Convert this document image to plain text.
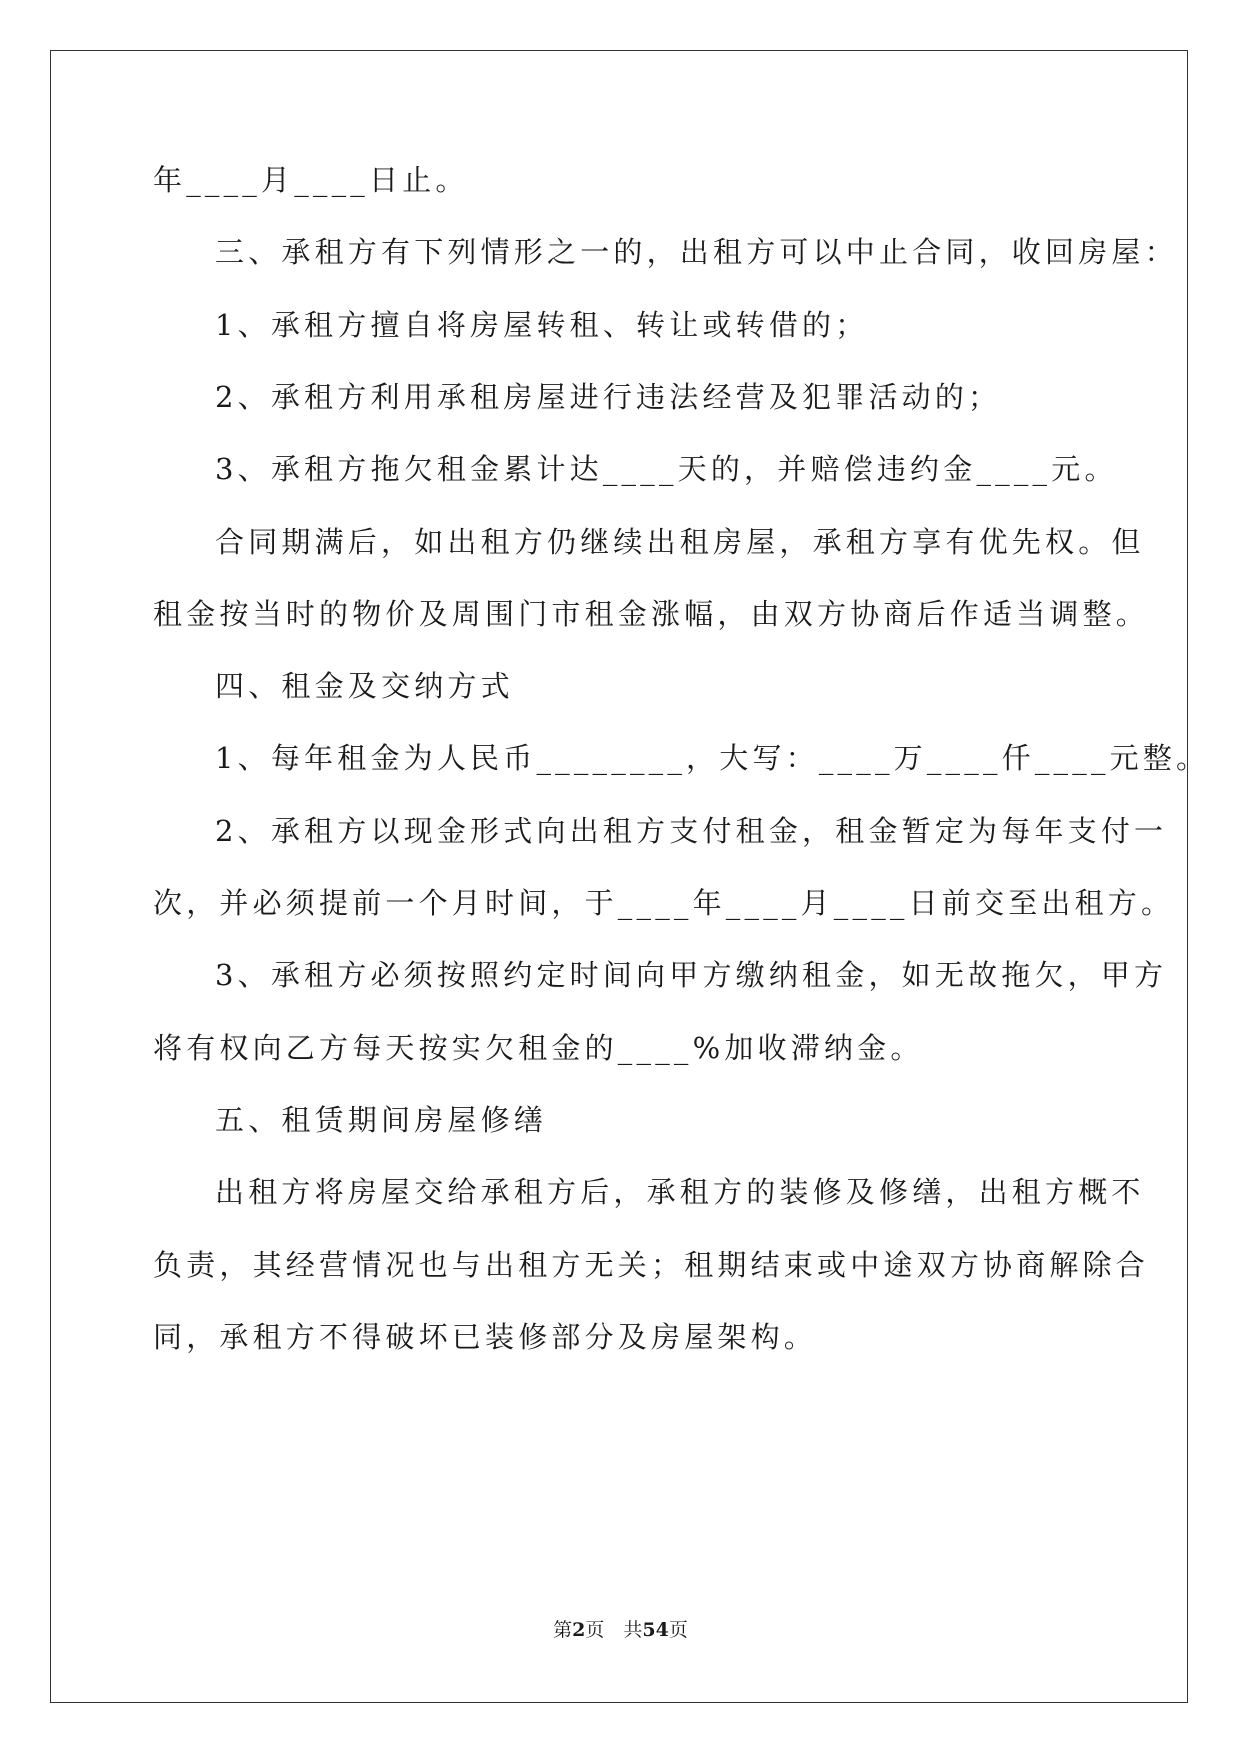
年____月____日止。
三、承租方有下列情形之一的，出租方可以中止合同，收回房屋：
1、承租方擅自将房屋转租、转让或转借的；
2、承租方利用承租房屋进行违法经营及犯罪活动的；
3、承租方拖欠租金累计达____天的，并赔偿违约金____元。
合同期满后，如出租方仍继续出租房屋，承租方享有优先权。但
租金按当时的物价及周围门市租金涨幅，由双方协商后作适当调整。
四、租金及交纳方式
1、每年租金为人民币________，大写：____万____仟____元整。
2、承租方以现金形式向出租方支付租金，租金暂定为每年支付一
次，并必须提前一个月时间，于____年____月____日前交至出租方。
3、承租方必须按照约定时间向甲方缴纳租金，如无故拖欠，甲方
将有权向乙方每天按实欠租金的____%加收滞纳金。
五、租赁期间房屋修缮
出租方将房屋交给承租方后，承租方的装修及修缮，出租方概不
负责，其经营情况也与出租方无关；租期结束或中途双方协商解除合
同，承租方不得破坏已装修部分及房屋架构。
第2页　共54页
